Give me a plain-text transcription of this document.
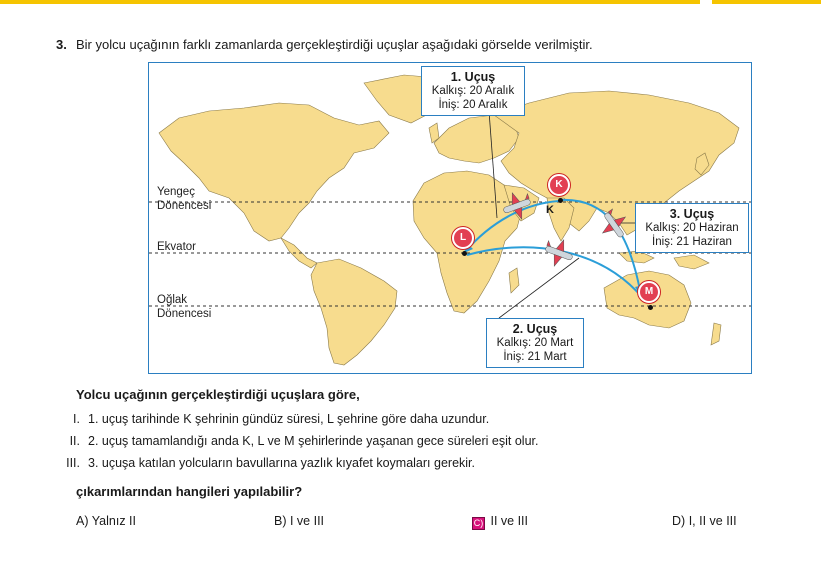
3. Bir yolcu uçağının farklı zamanlarda gerçekleştirdiği uçuşlar aşağıdaki görselde verilmiştir.
Yengeç
Dönencesi
Ekvator
Oğlak
Dönencesi
K
K
L
M
1. Uçuş
Kalkış: 20 Aralık
İniş: 20 Aralık
2. Uçuş
Kalkış: 20 Mart
İniş: 21 Mart
3. Uçuş
Kalkış: 20 Haziran
İniş: 21 Haziran
Yolcu uçağının gerçekleştirdiği uçuşlara göre,
I. 1. uçuş tarihinde K şehrinin gündüz süresi, L şehrine göre daha uzundur.
II. 2. uçuş tamamlandığı anda K, L ve M şehirlerinde yaşanan gece süreleri eşit olur.
III. 3. uçuşa katılan yolcuların bavullarına yazlık kıyafet koymaları gerekir.
çıkarımlarından hangileri yapılabilir?
A) Yalnız II	B) I ve III	C) II ve III	D) I, II ve III
